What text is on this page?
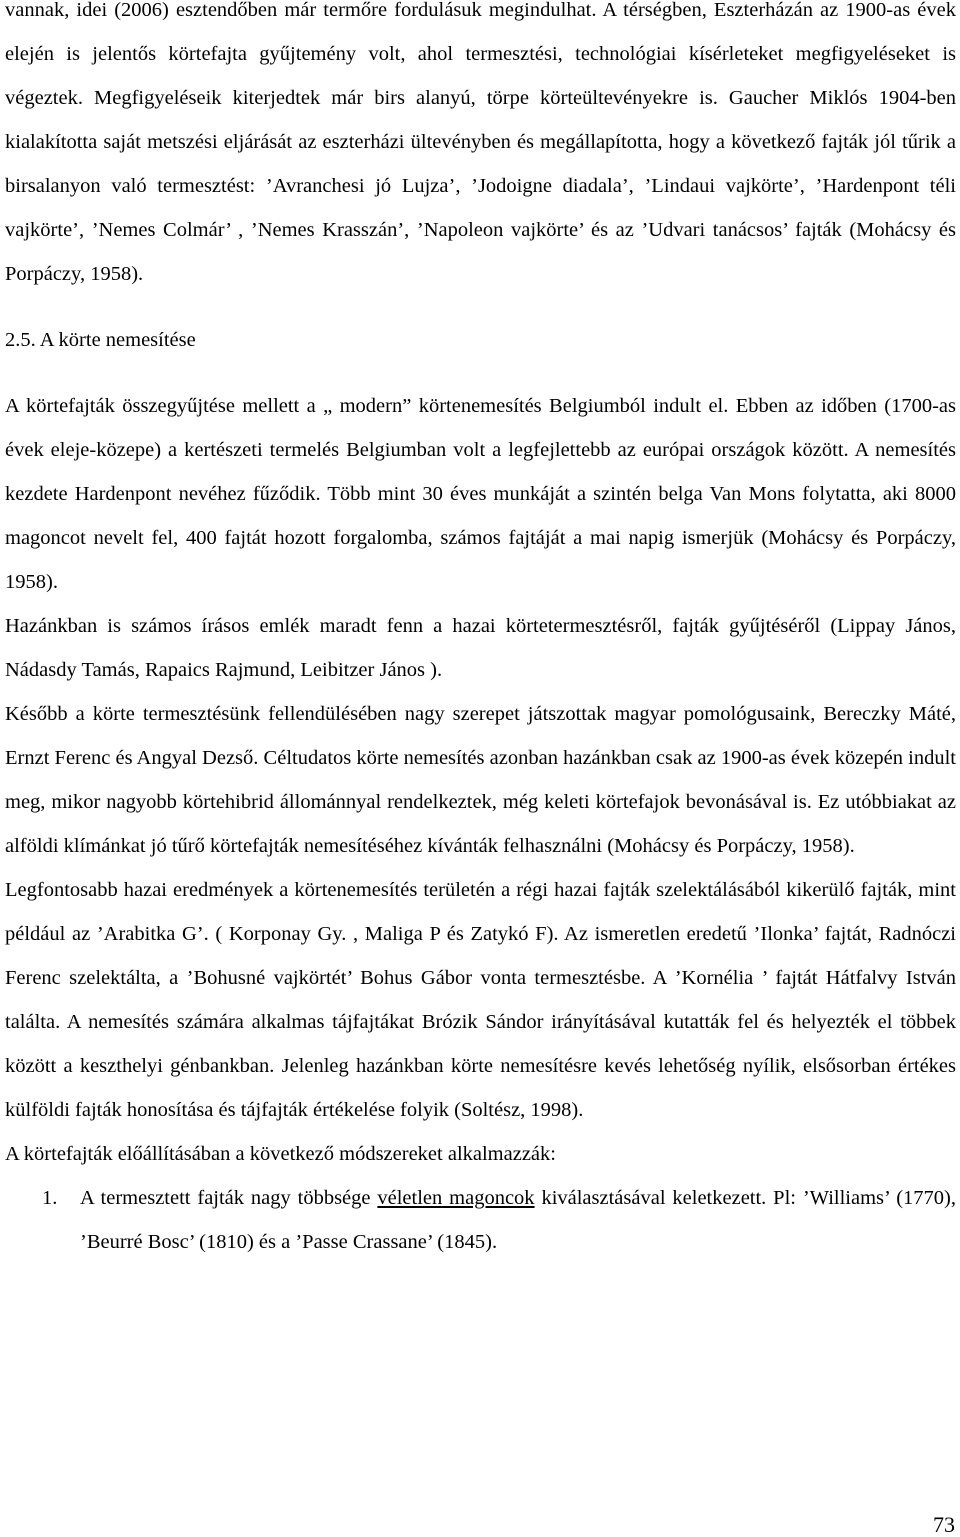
vannak, idei (2006) esztendőben már termőre fordulásuk megindulhat. A térségben, Eszterházán az 1900-as évek elején is jelentős körtefajta gyűjtemény volt, ahol termesztési, technológiai kísérleteket megfigyeléseket is végeztek. Megfigyeléseik kiterjedtek már birs alanyú, törpe körteültevényekre is. Gaucher Miklós 1904-ben kialakította saját metszési eljárását az eszterházi ültevényben és megállapította, hogy a következő fajták jól tűrik a birsalanyon való termesztést: ’Avranchesi jó Lujza’, ’Jodoigne diadala’, ’Lindaui vajkörte’, ’Hardenpont téli vajkörte’, ’Nemes Colmár’ , ’Nemes Krasszán’, ’Napoleon vajkörte’ és az ’Udvari tanácsos’ fajták (Mohácsy és Porpáczy, 1958).

2.5. A körte nemesítése

A körtefajták összegyűjtése mellett a „ modern” körtenemesítés Belgiumból indult el. Ebben az időben (1700-as évek eleje-közepe) a kertészeti termelés Belgiumban volt a legfejlettebb az európai országok között. A nemesítés kezdete Hardenpont nevéhez fűződik. Több mint 30 éves munkáját a szintén belga Van Mons folytatta, aki 8000 magoncot nevelt fel, 400 fajtát hozott forgalomba, számos fajtáját a mai napig ismerjük (Mohácsy és Porpáczy, 1958).

Hazánkban is számos írásos emlék maradt fenn a hazai körtetermesztésről, fajták gyűjtéséről (Lippay János, Nádasdy Tamás, Rapaics Rajmund, Leibitzer János ).

Később a körte termesztésünk fellendülésében nagy szerepet játszottak magyar pomológusaink, Bereczky Máté, Ernzt Ferenc és Angyal Dezső. Céltudatos körte nemesítés azonban hazánkban csak az 1900-as évek közepén indult meg, mikor nagyobb körtehibrid állománnyal rendelkeztek, még keleti körtefajok bevonásával is. Ez utóbbiakat az alföldi klímánkat jó tűrő körtefajták nemesítéséhez kívánták felhasználni (Mohácsy és Porpáczy, 1958).

Legfontosabb hazai eredmények a körtenemesítés területén a régi hazai fajták szelektálásából kikerülő fajták, mint például az ’Arabitka G’. ( Korponay Gy. , Maliga P és Zatykó F). Az ismeretlen eredetű ’Ilonka’ fajtát, Radnóczi Ferenc szelektálta, a ’Bohusné vajkörtét’ Bohus Gábor vonta termesztésbe. A ’Kornélia ’ fajtát Hátfalvy István találta. A nemesítés számára alkalmas tájfajtákat Brózik Sándor irányításával kutatták fel és helyezték el többek között a keszthelyi génbankban. Jelenleg hazánkban körte nemesítésre kevés lehetőség nyílik, elsősorban értékes külföldi fajták honosítása és tájfajták értékelése folyik (Soltész, 1998).

A körtefajták előállításában a következő módszereket alkalmazzák:

1. A termesztett fajták nagy többsége véletlen magoncok kiválasztásával keletkezett. Pl: ’Williams’ (1770), ’Beurré Bosc’ (1810) és a ’Passe Crassane’ (1845).
73
